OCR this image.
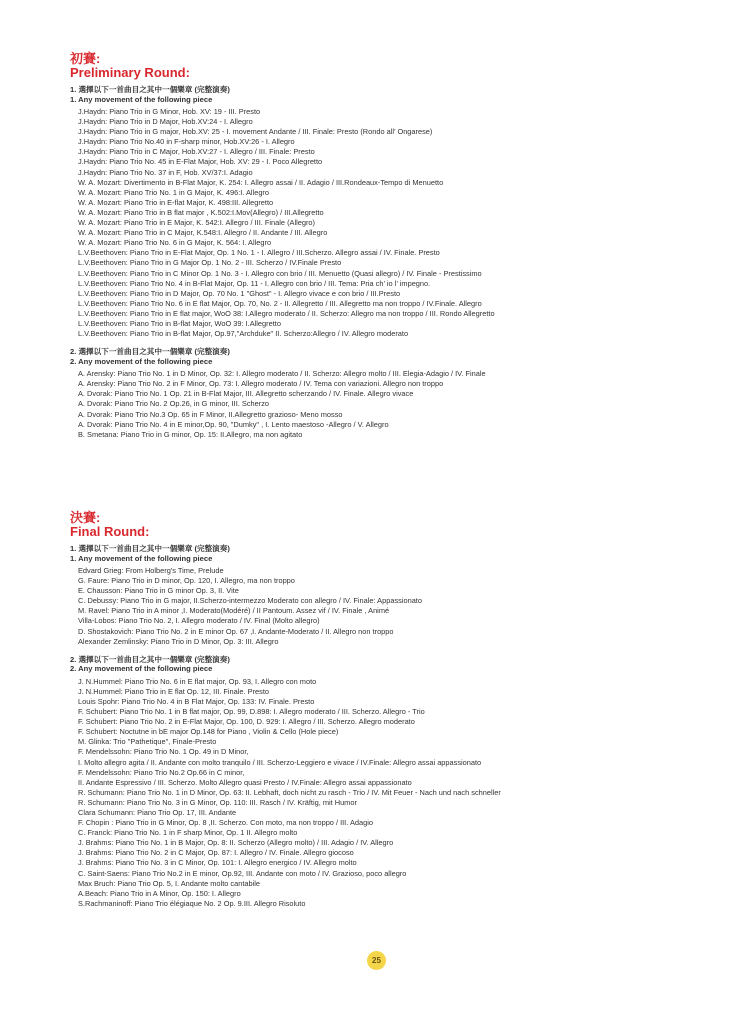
初賽:
Preliminary Round:

1. 選擇以下一首曲目之其中一個樂章 (完整演奏)

1. Any movement of the following piece

J.Haydn: Piano Trio in G Minor, Hob. XV: 19 - III. Presto
J.Haydn: Piano Trio in D Major, Hob.XV:24 - I. Allegro
J.Haydn: Piano Trio in G major, Hob.XV: 25 - I. movement Andante / III. Finale: Presto (Rondo all’ Ongarese)
J.Haydn: Piano Trio No.40 in F-sharp minor, Hob.XV:26 - I. Allegro
J.Haydn: Piano Trio in C Major, Hob.XV:27 - I. Allegro / III. Finale: Presto
J.Haydn: Piano Trio No. 45 in E-Flat Major, Hob. XV: 29 - I. Poco Allegretto
J.Haydn: Piano Trio No. 37 in F, Hob. XV/37:I. Adagio
W. A. Mozart: Divertimento in B-Flat Major, K. 254: I. Allegro assai / II. Adagio / III.Rondeaux-Tempo di Menuetto
W. A. Mozart: Piano Trio No. 1 in G Major, K. 496:I. Allegro
W. A. Mozart: Piano Trio in E-flat Major, K. 498:III. Allegretto
W. A. Mozart: Piano Trio in B flat major , K.502:I.Mov(Allegro) / III.Allegretto
W. A. Mozart: Piano Trio in E Major, K. 542:I. Allegro / III. Finale (Allegro)
W. A. Mozart: Piano Trio in C Major, K.548:I. Allegro / II. Andante / III. Allegro
W. A. Mozart: Piano Trio No. 6 in G Major, K. 564: I. Allegro
L.V.Beethoven: Piano Trio in E-Flat Major, Op. 1 No. 1 - I. Allegro / III.Scherzo. Allegro assai / IV. Finale. Presto
L.V.Beethoven: Piano Trio in G Major Op. 1 No. 2 - III. Scherzo / IV.Finale Presto
L.V.Beethoven: Piano Trio in C Minor Op. 1 No. 3 - I. Allegro con brio / III. Menuetto (Quasi allegro) / IV. Finale - Prestissimo
L.V.Beethoven: Piano Trio No. 4 in B-Flat Major, Op. 11 - I. Allegro con brio / III. Tema: Pria ch’ io l’ impegno.
L.V.Beethoven: Piano Trio in D Major, Op. 70 No. 1 "Ghost" - I. Allegro vivace e con brio / III.Presto
L.V.Beethoven: Piano Trio No. 6 in E flat Major, Op. 70, No. 2 - II. Allegretto / III. Allegretto ma non troppo / IV.Finale. Allegro
L.V.Beethoven: Piano Trio in E flat major, WoO 38: I.Allegro moderato / II. Scherzo: Allegro ma non troppo / III. Rondo Allegretto
L.V.Beethoven: Piano Trio in B-flat Major, WoO 39: I.Allegretto
L.V.Beethoven: Piano Trio in B-flat Major, Op.97,"Archduke" II. Scherzo:Allegro / IV. Allegro moderato

2. 選擇以下一首曲目之其中一個樂章 (完整演奏)

2. Any movement of the following piece

A. Arensky: Piano Trio No. 1 in D Minor, Op. 32: I. Allegro moderato / II. Scherzo: Allegro molto / III. Elegia-Adagio / IV. Finale
A. Arensky: Piano Trio No. 2 in F Minor, Op. 73: I. Allegro moderato / IV. Tema con variazioni. Allegro non troppo
A. Dvorak: Piano Trio No. 1 Op. 21 in B-Flat Major, III. Allegretto scherzando / IV. Finale. Allegro vivace
A. Dvorak: Piano Trio No. 2 Op.26, in G minor, III. Scherzo
A. Dvorak: Piano Trio No.3 Op. 65 in F Minor, II.Allegretto grazioso- Meno mosso
A. Dvorak: Piano Trio No. 4 in E minor,Op. 90, "Dumky" , I. Lento maestoso -Allegro / V. Allegro
B. Smetana: Piano Trio in G minor, Op. 15: II.Allegro, ma non agitato
決賽:
Final Round:

1. 選擇以下一首曲目之其中一個樂章 (完整演奏)

1. Any movement of the following piece

Edvard Grieg: From Holberg's Time, Prelude
G. Faure: Piano Trio in D minor, Op. 120, I. Allegro, ma non troppo
E. Chausson: Piano Trio in G minor Op. 3, II. Vite
C. Debussy: Piano Trio in G major, II.Scherzo-intermezzo Moderato con allegro / IV. Finale: Appassionato
M. Ravel: Piano Trio in A minor ,I. Moderato(Modéré) / II Pantoum. Assez vif / IV. Finale , Animé
Villa-Lobos: Piano Trio No. 2, I. Allegro moderato / IV. Final (Molto allegro)
D. Shostakovich: Piano Trio No. 2 in E minor Op. 67 ,I. Andante-Moderato / II. Allegro non troppo
Alexander Zemlinsky: Piano Trio in D Minor, Op. 3: III. Allegro

2. 選擇以下一首曲目之其中一個樂章 (完整演奏)

2. Any movement of the following piece

J. N.Hummel: Piano Trio No. 6 in E flat major, Op. 93, I. Allegro con moto
J. N.Hummel: Piano Trio in E flat Op. 12, III. Finale. Presto
Louis Spohr: Piano Trio No. 4 in B Flat Major, Op. 133: IV. Finale. Presto
F. Schubert: Piano Trio No. 1 in B flat major, Op. 99, D.898: I. Allegro moderato / III. Scherzo. Allegro - Trio
F. Schubert: Piano Trio No. 2 in E-Flat Major, Op. 100, D. 929: I. Allegro / III. Scherzo. Allegro moderato
F. Schubert: Noctutne in bE major Op.148 for Piano , Violin & Cello (Hole piece)
M. Glinka: Trio "Pathetique", Finale-Presto
F. Mendelssohn: Piano Trio No. 1 Op. 49 in D Minor,
I. Molto allegro agita / II. Andante con molto tranquilo / III. Scherzo-Leggiero e vivace / IV.Finale: Allegro assai appassionato
F. Mendelssohn: Piano Trio No.2 Op.66 in C minor,
II. Andante Espressivo / III. Scherzo. Molto Allegro quasi Presto / IV.Finale: Allegro assai appassionato
R. Schumann: Piano Trio No. 1 in D Minor, Op. 63: II. Lebhaft, doch nicht zu rasch - Trio / IV. Mit Feuer - Nach und nach schneller
R. Schumann: Piano Trio No. 3 in G Minor, Op. 110: III. Rasch / IV. Kräftig, mit Humor
Clara Schumann: Piano Trio Op. 17, III. Andante
F. Chopin : Piano Trio in G Minor, Op. 8 ,II. Scherzo. Con moto, ma non troppo / III. Adagio
C. Franck: Piano Trio No. 1 in F sharp Minor, Op. 1 II. Allegro molto
J. Brahms: Piano Trio No. 1 in B Major, Op. 8: II. Scherzo (Allegro molto) / III. Adagio / IV. Allegro
J. Brahms: Piano Trio No. 2 in C Major, Op. 87: I. Allegro / IV. Finale. Allegro giocoso
J. Brahms: Piano Trio No. 3 in C Minor, Op. 101: I. Allegro energico / IV. Allegro molto
C. Saint-Saens: Piano Trio No.2 in E minor, Op.92, III. Andante con moto / IV. Grazioso, poco allegro
Max Bruch: Piano Trio Op. 5, I. Andante molto cantabile
A.Beach: Piano Trio in A Minor, Op. 150: I. Allegro
S.Rachmaninoff: Piano Trio élégiaque No. 2 Op. 9.III. Allegro Risoluto
25
